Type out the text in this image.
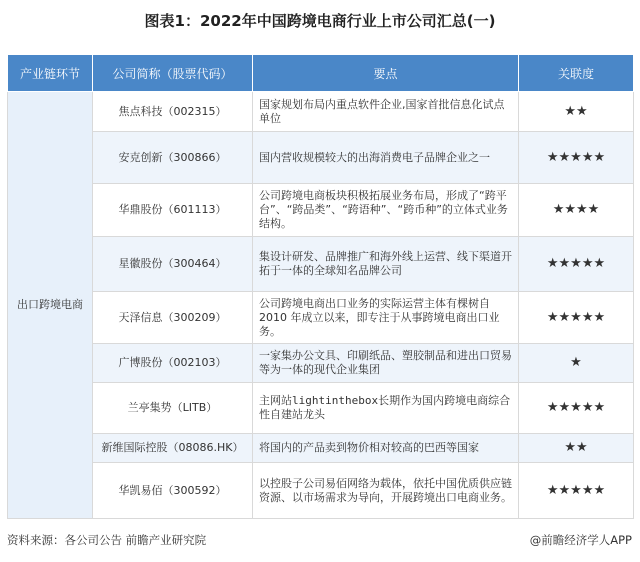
图表1：2022年中国跨境电商行业上市公司汇总(一)
产业链环节	公司简称（股票代码）	要点	关联度
出口跨境电商	焦点科技（002315）	国家规划布局内重点软件企业,国家首批信息化试点单位	★★
	安克创新（300866）	国内营收规模较大的出海消费电子品牌企业之一	★★★★★
	华鼎股份（601113）	公司跨境电商板块积极拓展业务布局，形成了“跨平台”、“跨品类”、“跨语种”、“跨币种”的立体式业务结构。	★★★★
	星徽股份（300464）	集设计研发、品牌推广和海外线上运营、线下渠道开拓于一体的全球知名品牌公司	★★★★★
	天泽信息（300209）	公司跨境电商出口业务的实际运营主体有棵树自2010 年成立以来，即专注于从事跨境电商出口业务。	★★★★★
	广博股份（002103）	一家集办公文具、印刷纸品、塑胶制品和进出口贸易等为一体的现代企业集团	★
	兰亭集势（LITB）	主网站lightinthebox长期作为国内跨境电商综合性自建站龙头	★★★★★
	新维国际控股（08086.HK）	将国内的产品卖到物价相对较高的巴西等国家	★★
	华凯易佰（300592）	以控股子公司易佰网络为载体，依托中国优质供应链资源、以市场需求为导向，开展跨境出口电商业务。	★★★★★
资料来源：各公司公告 前瞻产业研究院	@前瞻经济学人APP
